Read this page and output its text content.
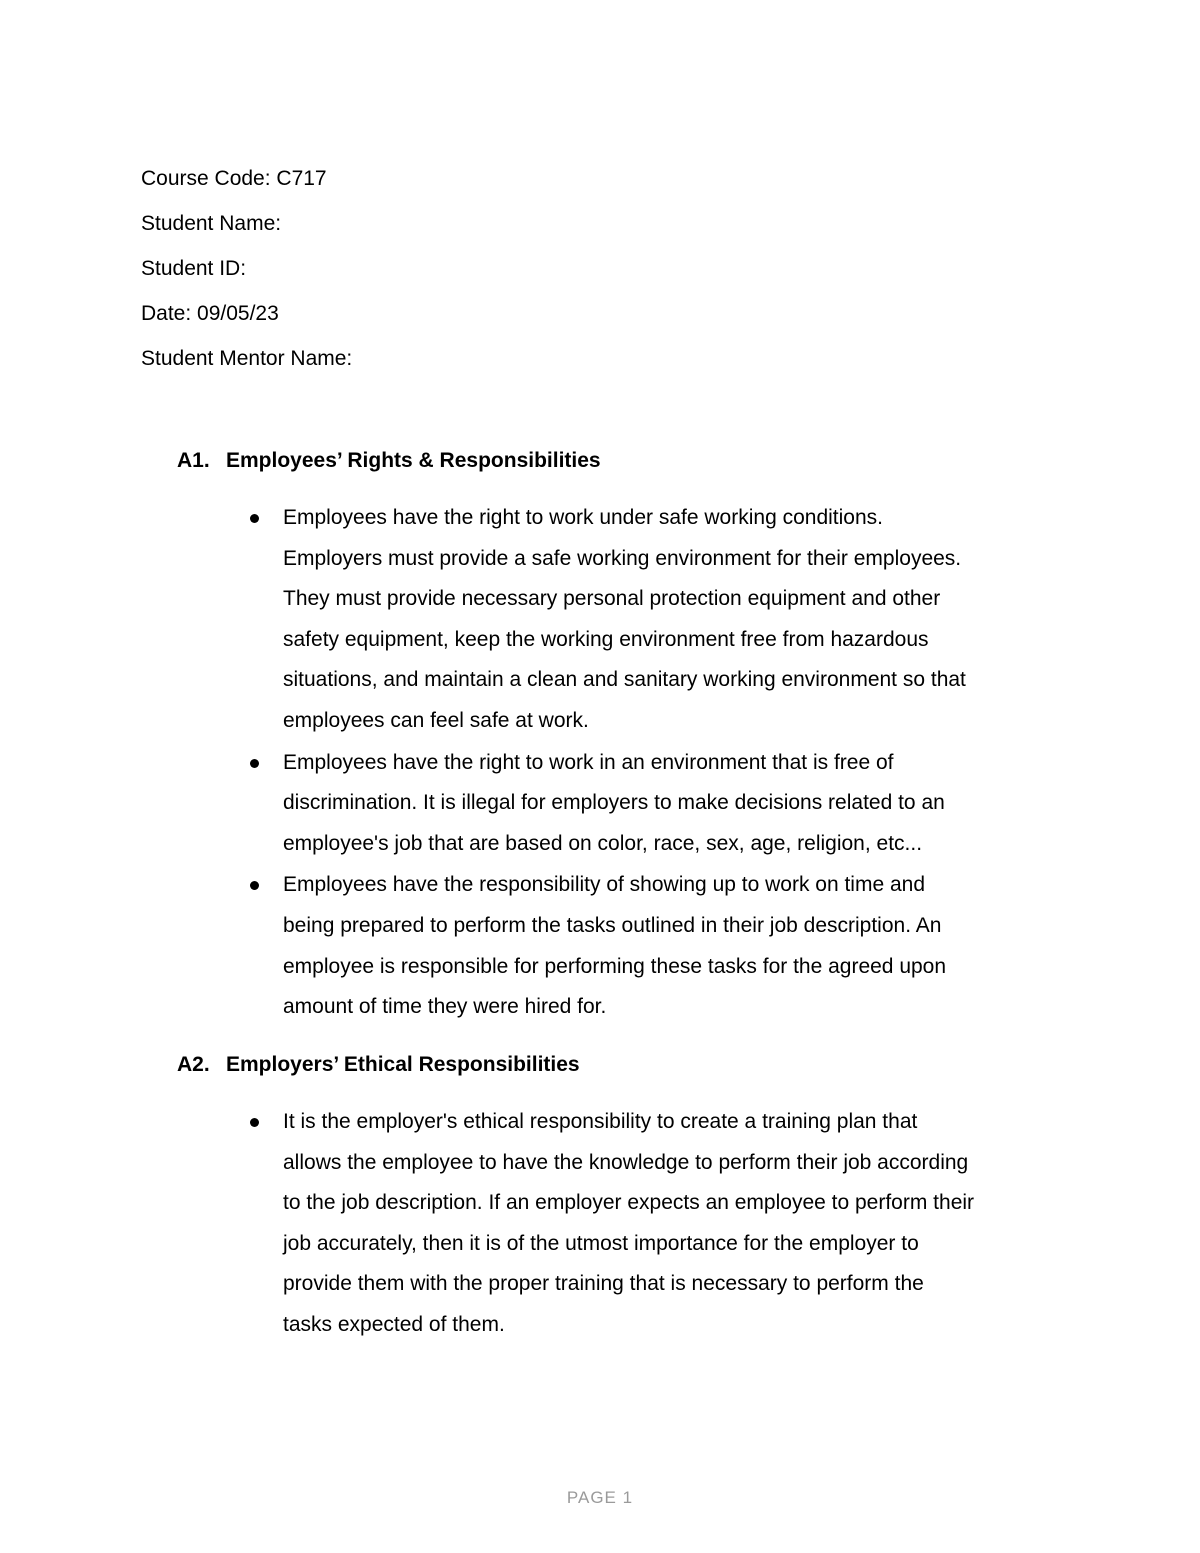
Course Code: C717
Student Name:
Student ID:
Date: 09/05/23
Student Mentor Name:
A1. Employees’ Rights & Responsibilities
Employees have the right to work under safe working conditions.
Employers must provide a safe working environment for their employees.
They must provide necessary personal protection equipment and other
safety equipment, keep the working environment free from hazardous
situations, and maintain a clean and sanitary working environment so that
employees can feel safe at work.
Employees have the right to work in an environment that is free of
discrimination. It is illegal for employers to make decisions related to an
employee's job that are based on color, race, sex, age, religion, etc...
Employees have the responsibility of showing up to work on time and
being prepared to perform the tasks outlined in their job description. An
employee is responsible for performing these tasks for the agreed upon
amount of time they were hired for.
A2. Employers’ Ethical Responsibilities
It is the employer's ethical responsibility to create a training plan that
allows the employee to have the knowledge to perform their job according
to the job description. If an employer expects an employee to perform their
job accurately, then it is of the utmost importance for the employer to
provide them with the proper training that is necessary to perform the
tasks expected of them.
PAGE 1
